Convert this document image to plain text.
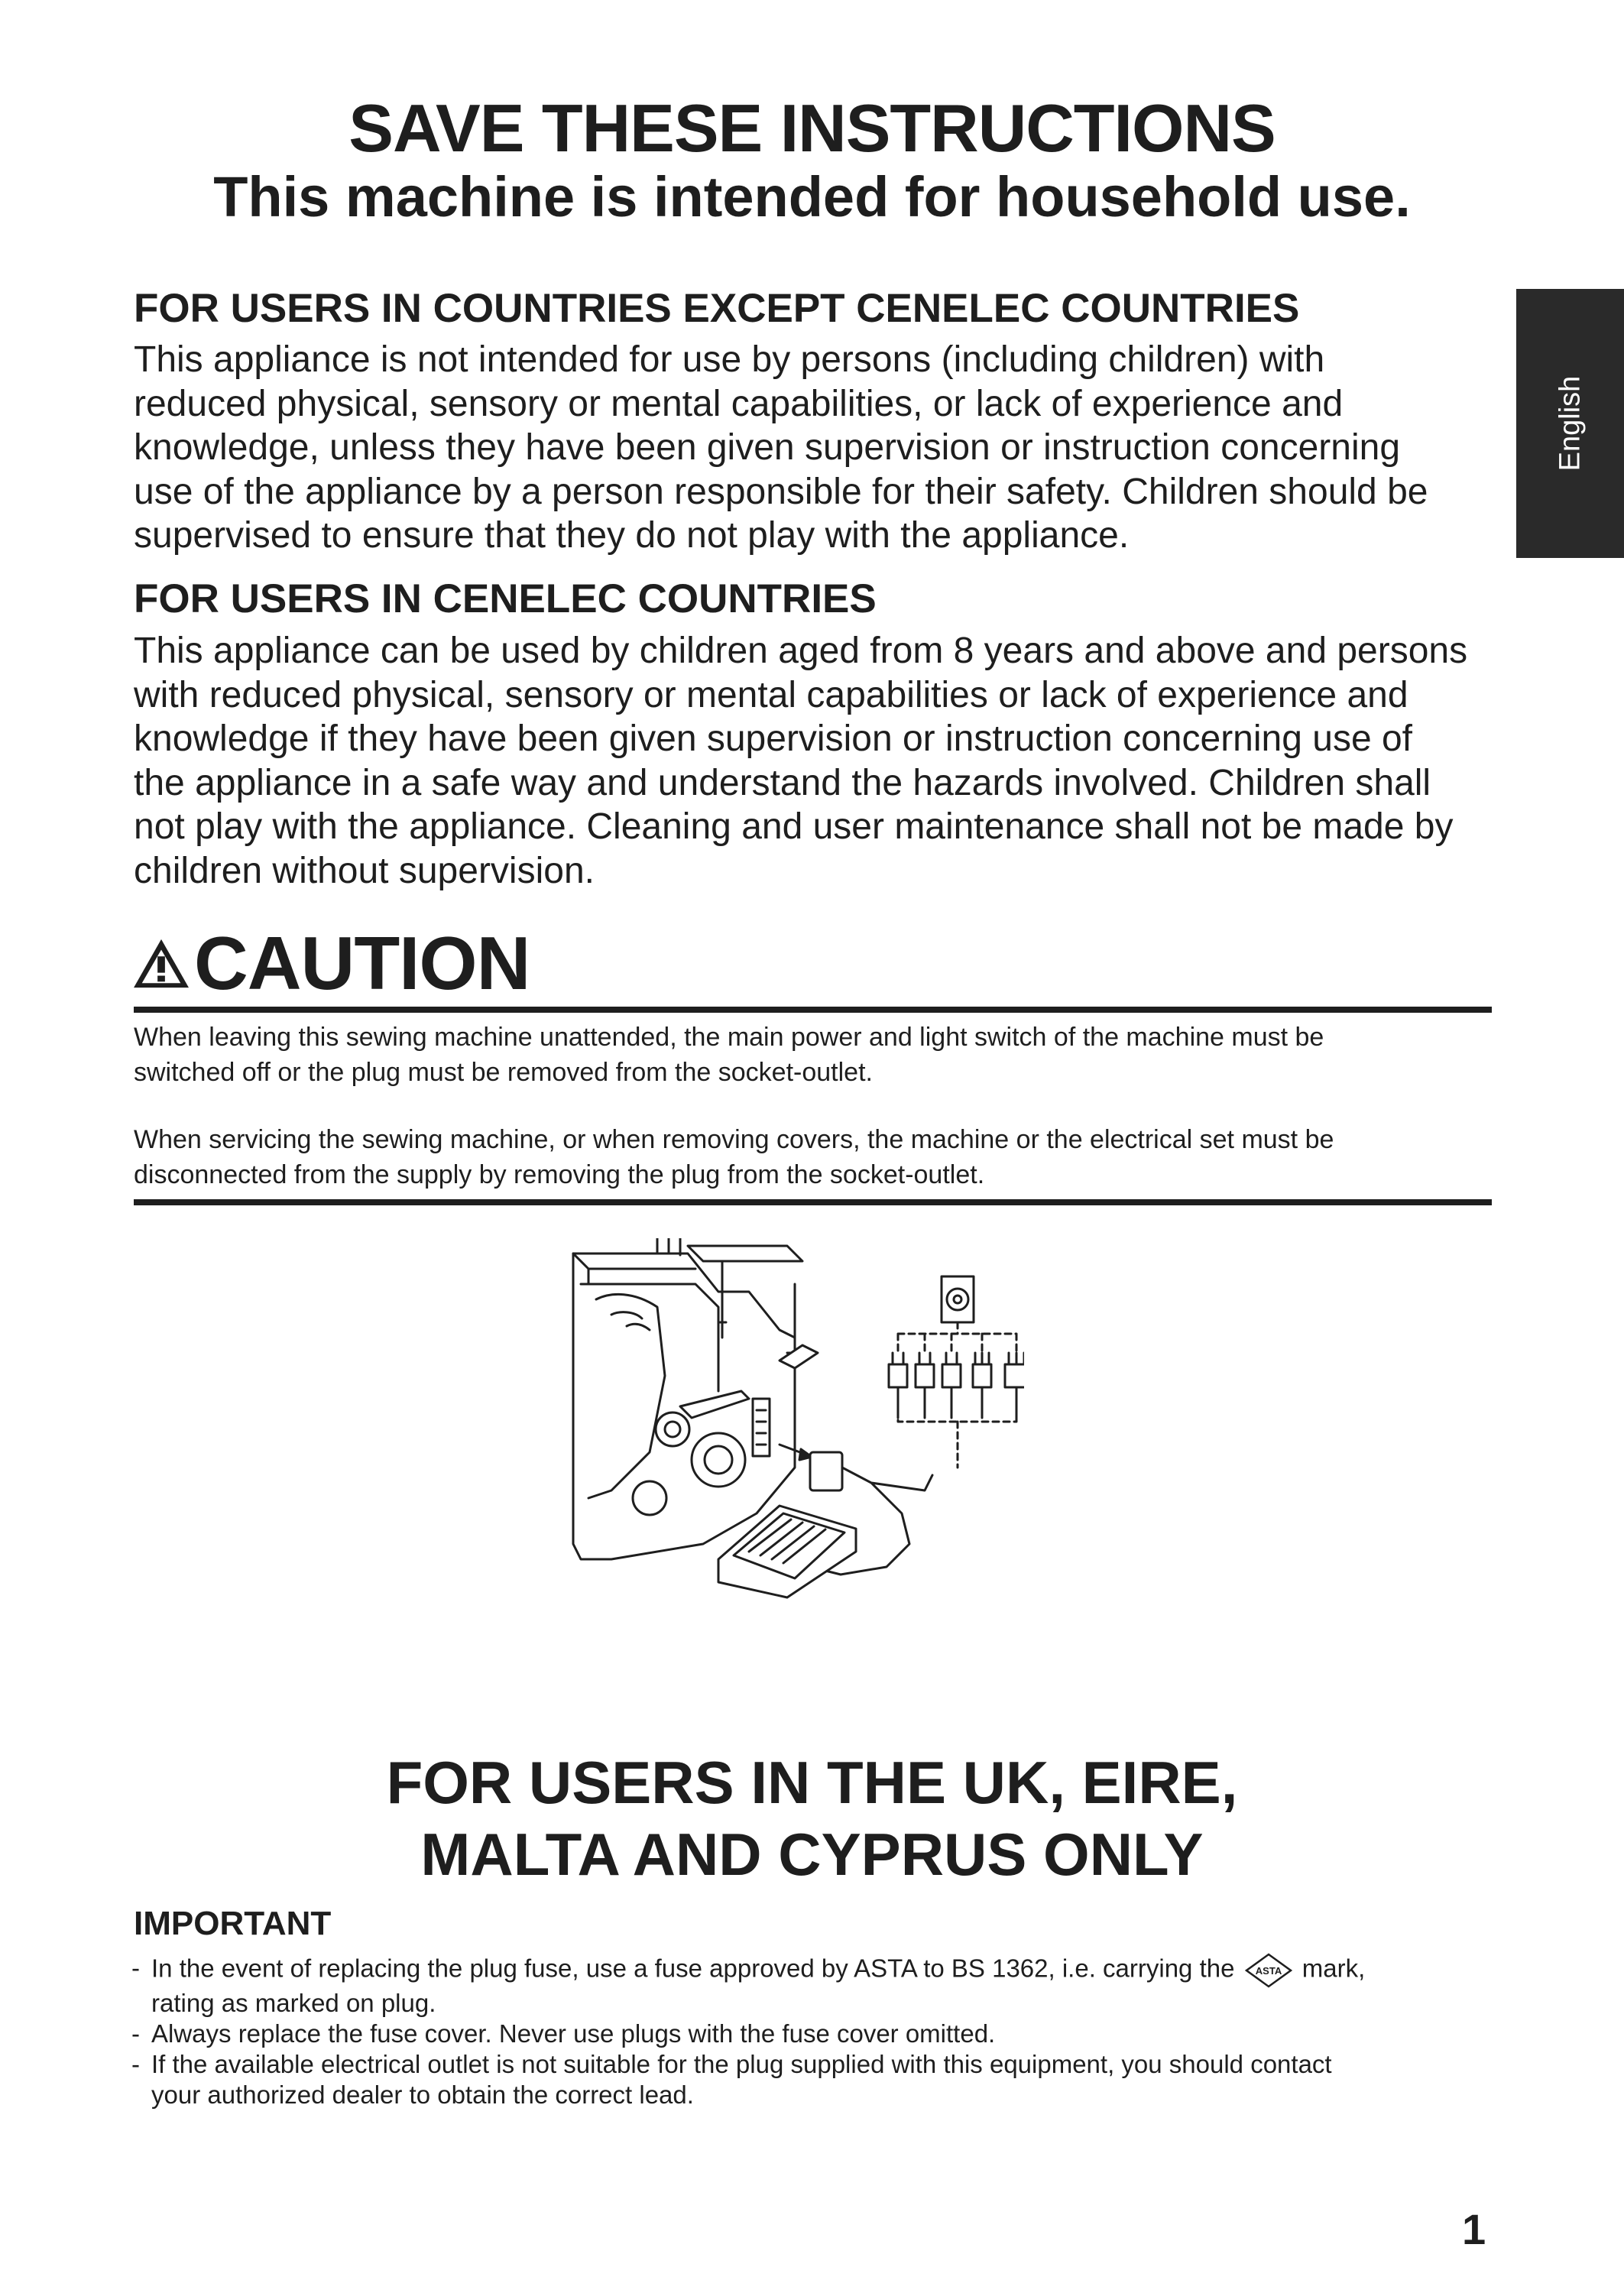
SAVE THESE INSTRUCTIONS
This machine is intended for household use.
English
FOR USERS IN COUNTRIES EXCEPT CENELEC COUNTRIES
This appliance is not intended for use by persons (including children) with
reduced physical, sensory or mental capabilities, or lack of experience and
knowledge, unless they have been given supervision or instruction concerning
use of the appliance by a person responsible for their safety. Children should be
supervised to ensure that they do not play with the appliance.
FOR USERS IN CENELEC COUNTRIES
This appliance can be used by children aged from 8 years and above and persons
with reduced physical, sensory or mental capabilities or lack of experience and
knowledge if they have been given supervision or instruction concerning use of
the appliance in a safe way and understand the hazards involved. Children shall
not play with the appliance. Cleaning and user maintenance shall not be made by
children without supervision.
CAUTION
When leaving this sewing machine unattended, the main power and light switch of the machine must be
switched off or the plug must be removed from the socket-outlet.
When servicing the sewing machine, or when removing covers, the machine or the electrical set must be
disconnected from the supply by removing the plug from the socket-outlet.
FOR USERS IN THE UK, EIRE,
MALTA AND CYPRUS ONLY
IMPORTANT
- In the event of replacing the plug fuse, use a fuse approved by ASTA to BS 1362, i.e. carrying the ASTA mark,
rating as marked on plug.
- Always replace the fuse cover. Never use plugs with the fuse cover omitted.
- If the available electrical outlet is not suitable for the plug supplied with this equipment, you should contact
your authorized dealer to obtain the correct lead.
1
